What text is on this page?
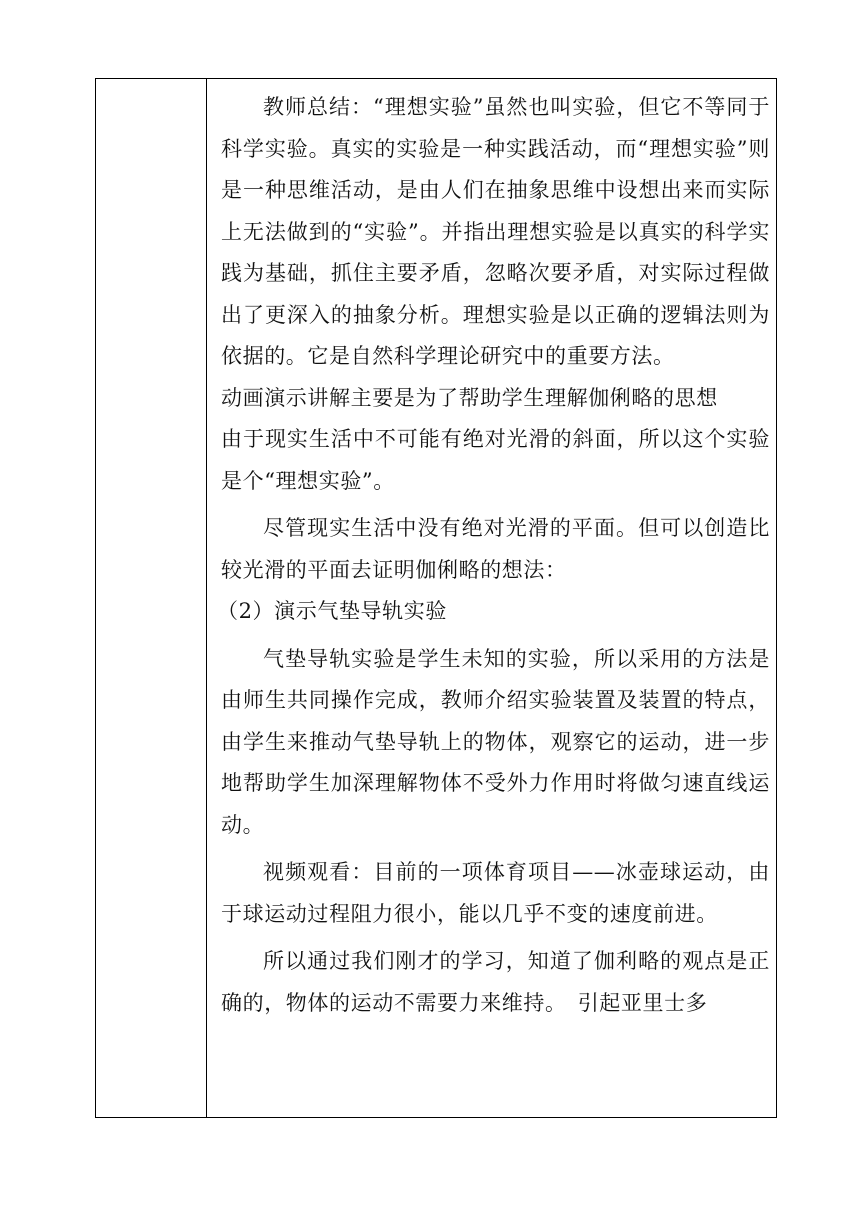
教师总结：“理想实验”虽然也叫实验，但它不等同于科学实验。真实的实验是一种实践活动，而“理想实验”则是一种思维活动，是由人们在抽象思维中设想出来而实际上无法做到的“实验”。并指出理想实验是以真实的科学实践为基础，抓住主要矛盾，忽略次要矛盾，对实际过程做出了更深入的抽象分析。理想实验是以正确的逻辑法则为依据的。它是自然科学理论研究中的重要方法。

动画演示讲解主要是为了帮助学生理解伽俐略的思想

由于现实生活中不可能有绝对光滑的斜面，所以这个实验是个“理想实验”。

尽管现实生活中没有绝对光滑的平面。但可以创造比较光滑的平面去证明伽俐略的想法：

（2）演示气垫导轨实验

气垫导轨实验是学生未知的实验，所以采用的方法是由师生共同操作完成，教师介绍实验装置及装置的特点，由学生来推动气垫导轨上的物体，观察它的运动，进一步地帮助学生加深理解物体不受外力作用时将做匀速直线运动。

视频观看：目前的一项体育项目——冰壶球运动，由于球运动过程阻力很小，能以几乎不变的速度前进。

所以通过我们刚才的学习，知道了伽利略的观点是正确的，物体的运动不需要力来维持。　引起亚里士多
